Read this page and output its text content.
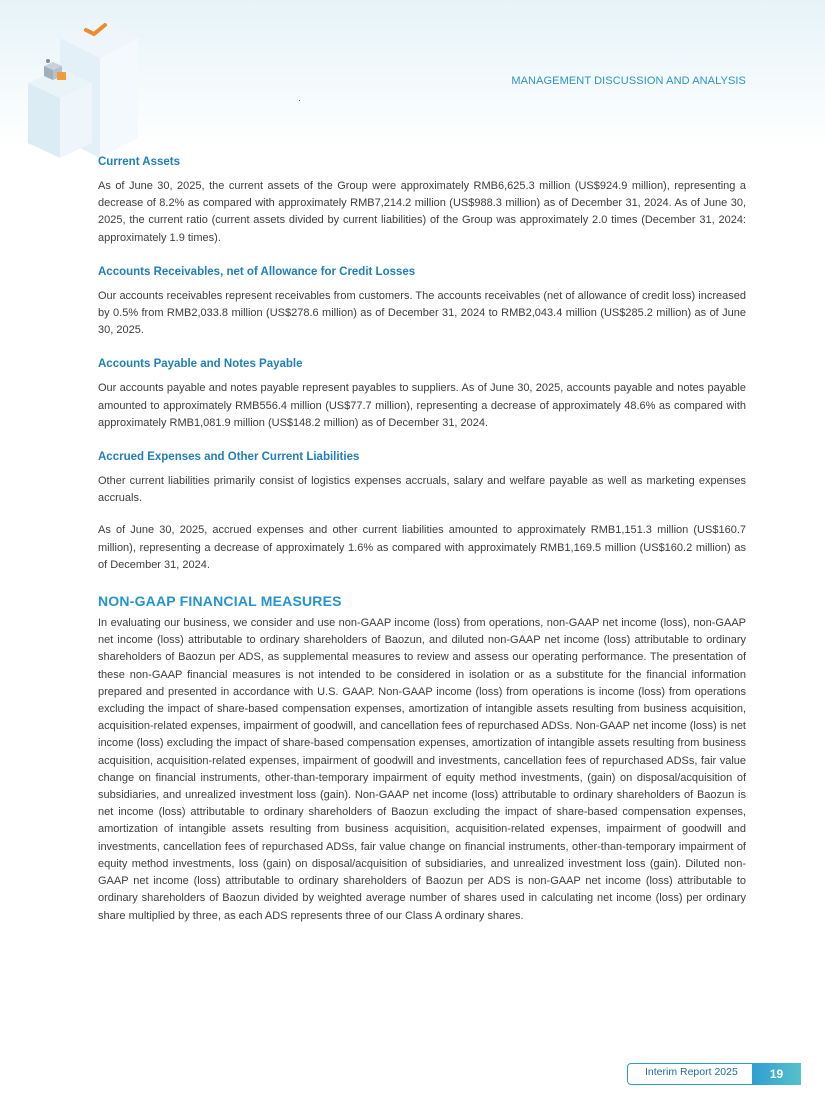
MANAGEMENT DISCUSSION AND ANALYSIS
Current Assets

As of June 30, 2025, the current assets of the Group were approximately RMB6,625.3 million (US$924.9 million), representing a decrease of 8.2% as compared with approximately RMB7,214.2 million (US$988.3 million) as of December 31, 2024. As of June 30, 2025, the current ratio (current assets divided by current liabilities) of the Group was approximately 2.0 times (December 31, 2024: approximately 1.9 times).

Accounts Receivables, net of Allowance for Credit Losses

Our accounts receivables represent receivables from customers. The accounts receivables (net of allowance of credit loss) increased by 0.5% from RMB2,033.8 million (US$278.6 million) as of December 31, 2024 to RMB2,043.4 million (US$285.2 million) as of June 30, 2025.

Accounts Payable and Notes Payable

Our accounts payable and notes payable represent payables to suppliers. As of June 30, 2025, accounts payable and notes payable amounted to approximately RMB556.4 million (US$77.7 million), representing a decrease of approximately 48.6% as compared with approximately RMB1,081.9 million (US$148.2 million) as of December 31, 2024.

Accrued Expenses and Other Current Liabilities

Other current liabilities primarily consist of logistics expenses accruals, salary and welfare payable as well as marketing expenses accruals.

As of June 30, 2025, accrued expenses and other current liabilities amounted to approximately RMB1,151.3 million (US$160.7 million), representing a decrease of approximately 1.6% as compared with approximately RMB1,169.5 million (US$160.2 million) as of December 31, 2024.

NON-GAAP FINANCIAL MEASURES

In evaluating our business, we consider and use non-GAAP income (loss) from operations, non-GAAP net income (loss), non-GAAP net income (loss) attributable to ordinary shareholders of Baozun, and diluted non-GAAP net income (loss) attributable to ordinary shareholders of Baozun per ADS, as supplemental measures to review and assess our operating performance. The presentation of these non-GAAP financial measures is not intended to be considered in isolation or as a substitute for the financial information prepared and presented in accordance with U.S. GAAP. Non-GAAP income (loss) from operations is income (loss) from operations excluding the impact of share-based compensation expenses, amortization of intangible assets resulting from business acquisition, acquisition-related expenses, impairment of goodwill, and cancellation fees of repurchased ADSs. Non-GAAP net income (loss) is net income (loss) excluding the impact of share-based compensation expenses, amortization of intangible assets resulting from business acquisition, acquisition-related expenses, impairment of goodwill and investments, cancellation fees of repurchased ADSs, fair value change on financial instruments, other-than-temporary impairment of equity method investments, (gain) on disposal/acquisition of subsidiaries, and unrealized investment loss (gain). Non-GAAP net income (loss) attributable to ordinary shareholders of Baozun is net income (loss) attributable to ordinary shareholders of Baozun excluding the impact of share-based compensation expenses, amortization of intangible assets resulting from business acquisition, acquisition-related expenses, impairment of goodwill and investments, cancellation fees of repurchased ADSs, fair value change on financial instruments, other-than-temporary impairment of equity method investments, loss (gain) on disposal/acquisition of subsidiaries, and unrealized investment loss (gain). Diluted non-GAAP net income (loss) attributable to ordinary shareholders of Baozun per ADS is non-GAAP net income (loss) attributable to ordinary shareholders of Baozun divided by weighted average number of shares used in calculating net income (loss) per ordinary share multiplied by three, as each ADS represents three of our Class A ordinary shares.

Interim Report 2025	19
